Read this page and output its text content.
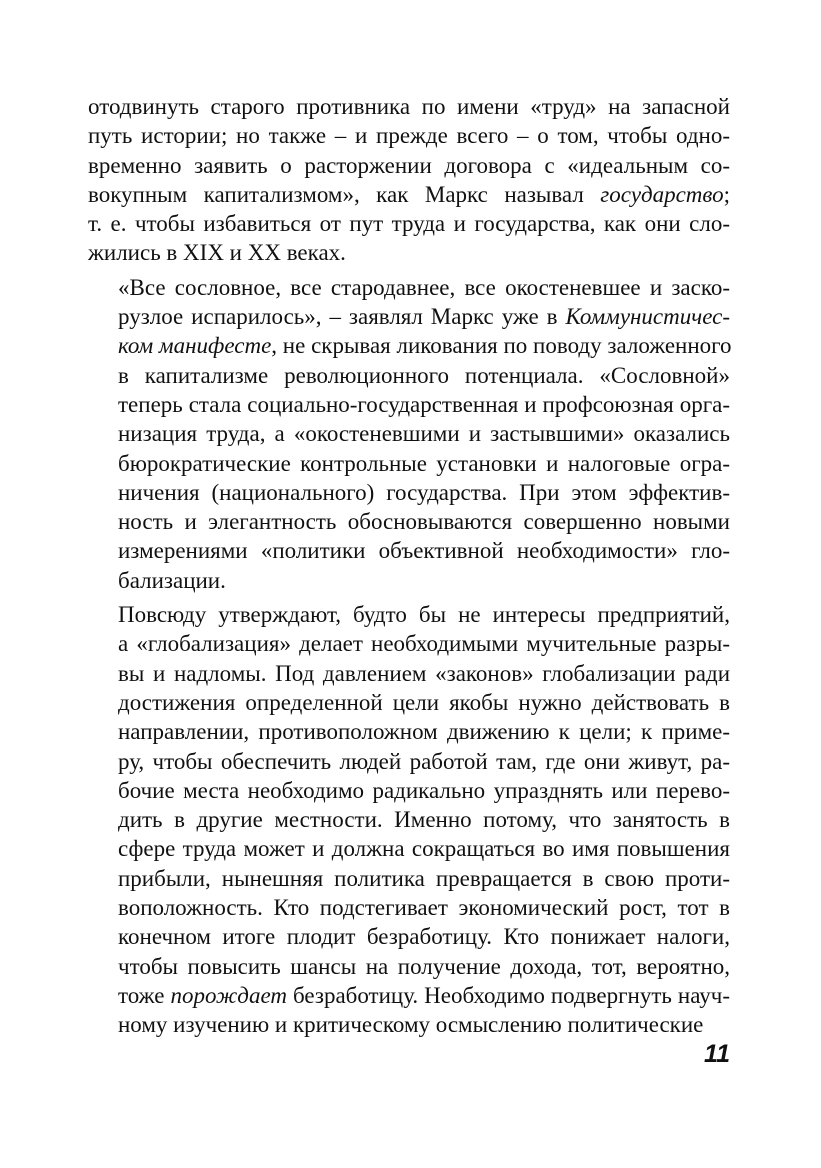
отодвинуть старого противника по имени «труд» на запасной
путь истории; но также – и прежде всего – о том, чтобы одно-
временно заявить о расторжении договора с «идеальным со-
вокупным капитализмом», как Маркс называл государство;
т. е. чтобы избавиться от пут труда и государства, как они сло-
жились в XIX и XX веках.

«Все сословное, все стародавнее, все окостеневшее и заско-
рузлое испарилось», – заявлял Маркс уже в Коммунистичес-
ком манифесте, не скрывая ликования по поводу заложенного
в капитализме революционного потенциала. «Сословной»
теперь стала социально-государственная и профсоюзная орга-
низация труда, а «окостеневшими и застывшими» оказались
бюрократические контрольные установки и налоговые огра-
ничения (национального) государства. При этом эффектив-
ность и элегантность обосновываются совершенно новыми
измерениями «политики объективной необходимости» гло-
бализации.

Повсюду утверждают, будто бы не интересы предприятий,
а «глобализация» делает необходимыми мучительные разры-
вы и надломы. Под давлением «законов» глобализации ради
достижения определенной цели якобы нужно действовать в
направлении, противоположном движению к цели; к приме-
ру, чтобы обеспечить людей работой там, где они живут, ра-
бочие места необходимо радикально упразднять или перево-
дить в другие местности. Именно потому, что занятость в
сфере труда может и должна сокращаться во имя повышения
прибыли, нынешняя политика превращается в свою проти-
воположность. Кто подстегивает экономический рост, тот в
конечном итоге плодит безработицу. Кто понижает налоги,
чтобы повысить шансы на получение дохода, тот, вероятно,
тоже порождает безработицу. Необходимо подвергнуть науч-
ному изучению и критическому осмыслению политические

11
